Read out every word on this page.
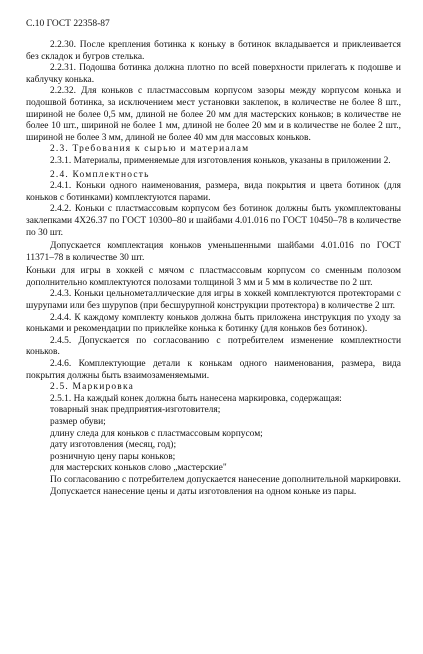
С.10 ГОСТ 22358-87

2.2.30. После крепления ботинка к коньку в ботинок вкладывается и приклеивается без складок и бугров стелька.

2.2.31. Подошва ботинка должна плотно по всей поверхности прилегать к подошве и каблучку конька.

2.2.32. Для коньков с пластмассовым корпусом зазоры между корпусом конька и подошвой ботинка, за исключением мест установки заклепок, в количестве не более 8 шт., шириной не более 0,5 мм, длиной не более 20 мм для мастерских коньков; в количестве не более 10 шт., шириной не более 1 мм, длиной не более 20 мм и в количестве не более 2 шт., шириной не более 3 мм, длиной не более 40 мм для массовых коньков.

2.3. Требования к сырью и материалам

2.3.1. Материалы, применяемые для изготовления коньков, указаны в приложении 2.

2.4. Комплектность

2.4.1. Коньки одного наименования, размера, вида покрытия и цвета ботинок (для коньков с ботинками) комплектуются парами.

2.4.2. Коньки с пластмассовым корпусом без ботинок должны быть укомплектованы заклепками 4Х26.37 по ГОСТ 10300–80 и шайбами 4.01.016 по ГОСТ 10450–78 в количестве по 30 шт.

Допускается комплектация коньков уменьшенными шайбами 4.01.016 по ГОСТ 11371–78 в количестве 30 шт.

Коньки для игры в хоккей с мячом с пластмассовым корпусом со сменным полозом дополнительно комплектуются полозами толщиной 3 мм и 5 мм в количестве по 2 шт.

2.4.3. Коньки цельнометаллические для игры в хоккей комплектуются протекторами с шурупами или без шурупов (при бесшурупной конструкции протектора) в количестве 2 шт.

2.4.4. К каждому комплекту коньков должна быть приложена инструкция по уходу за коньками и рекомендации по приклейке конька к ботинку (для коньков без ботинок).

2.4.5. Допускается по согласованию с потребителем изменение комплектности коньков.

2.4.6. Комплектующие детали к конькам одного наименования, размера, вида покрытия должны быть взаимозаменяемыми.

2.5. Маркировка

2.5.1. На каждый конек должна быть нанесена маркировка, содержащая:

товарный знак предприятия-изготовителя;

размер обуви;

длину следа для коньков с пластмассовым корпусом;

дату изготовления (месяц, год);

розничную цену пары коньков;

для мастерских коньков слово „мастерские"

По согласованию с потребителем допускается нанесение дополнительной маркировки.

Допускается нанесение цены и даты изготовления на одном коньке из пары.
